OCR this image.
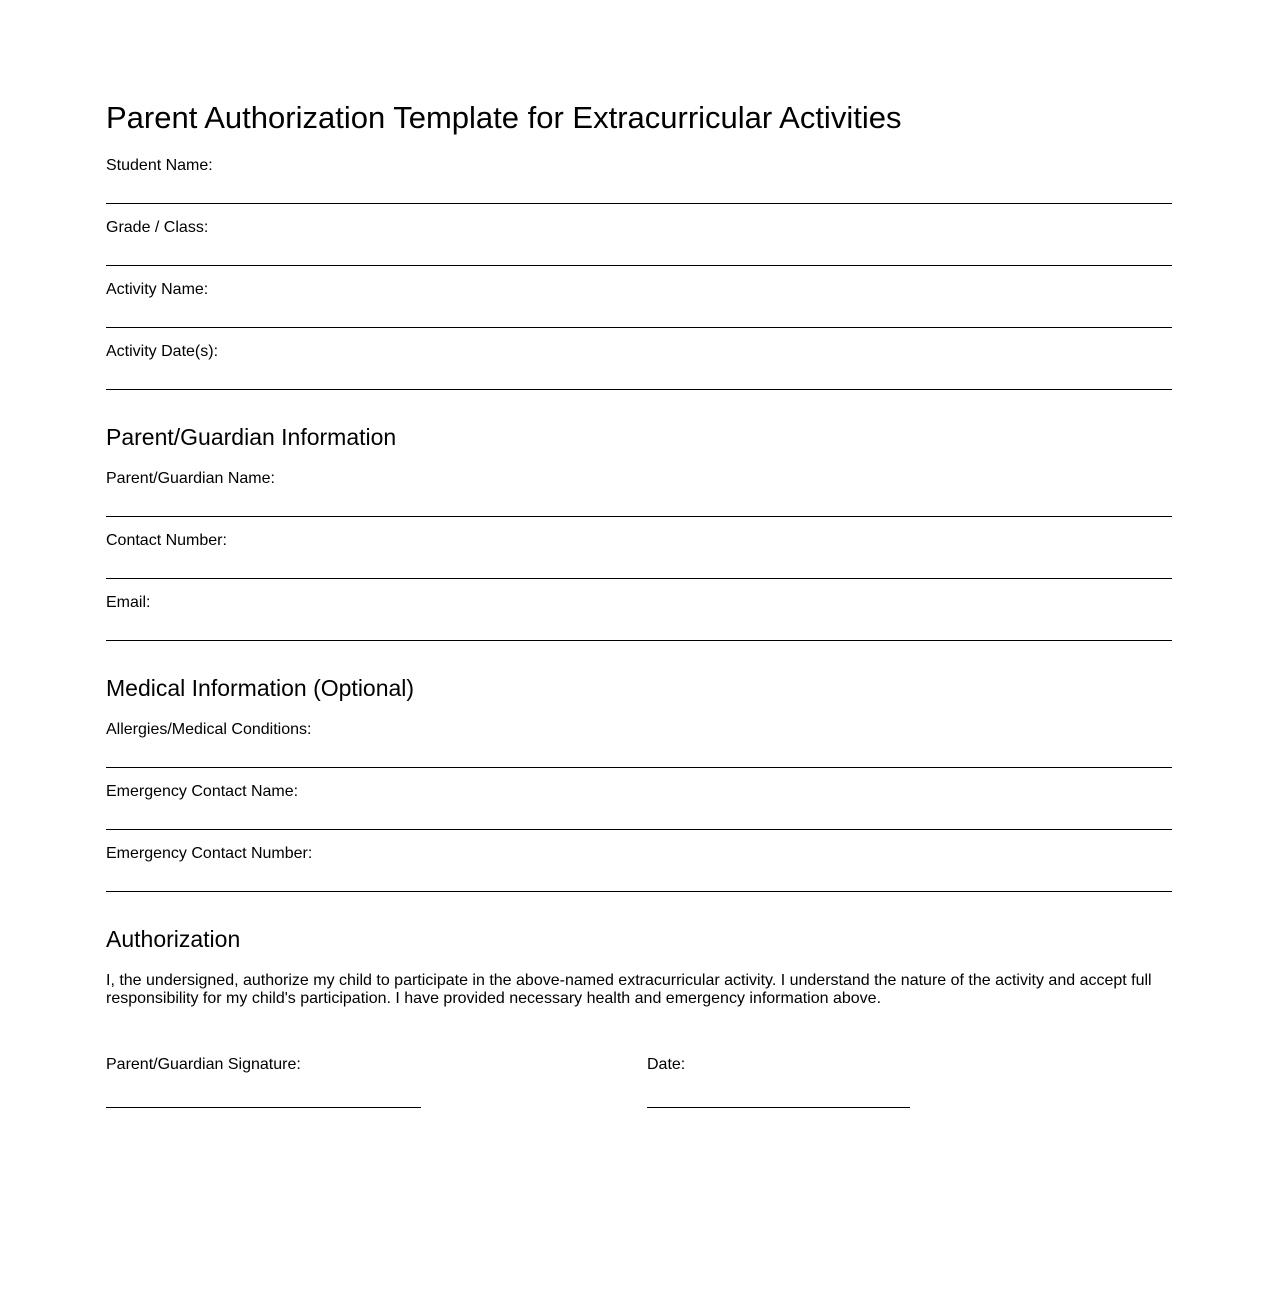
Parent Authorization Template for Extracurricular Activities
Student Name:
Grade / Class:
Activity Name:
Activity Date(s):
Parent/Guardian Information
Parent/Guardian Name:
Contact Number:
Email:
Medical Information (Optional)
Allergies/Medical Conditions:
Emergency Contact Name:
Emergency Contact Number:
Authorization

I, the undersigned, authorize my child to participate in the above-named extracurricular activity. I understand the nature of the activity and accept full responsibility for my child's participation. I have provided necessary health and emergency information above.

Parent/Guardian Signature:	Date:
